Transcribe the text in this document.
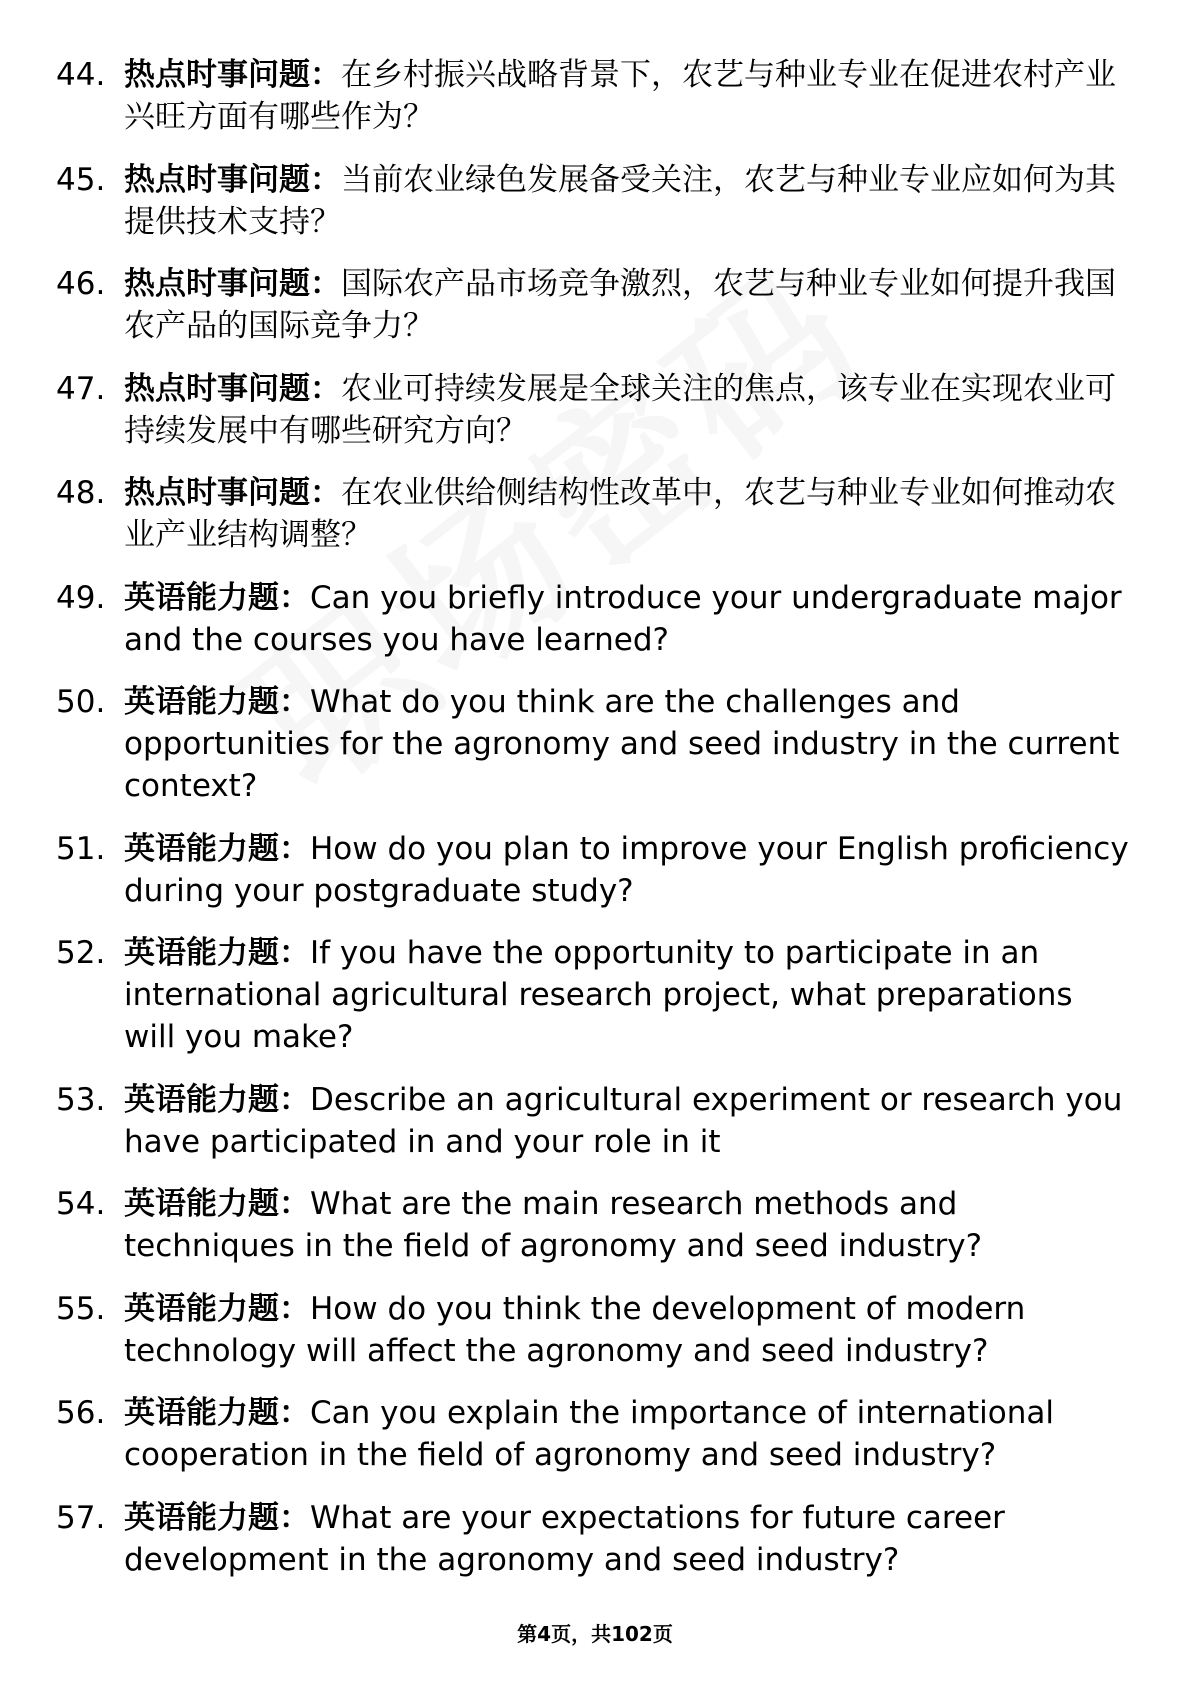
44. 热点时事问题：在乡村振兴战略背景下，农艺与种业专业在促进农村产业兴旺方面有哪些作为？
45. 热点时事问题：当前农业绿色发展备受关注，农艺与种业专业应如何为其提供技术支持？
46. 热点时事问题：国际农产品市场竞争激烈，农艺与种业专业如何提升我国农产品的国际竞争力？
47. 热点时事问题：农业可持续发展是全球关注的焦点，该专业在实现农业可持续发展中有哪些研究方向？
48. 热点时事问题：在农业供给侧结构性改革中，农艺与种业专业如何推动农业产业结构调整？
49. 英语能力题：Can you briefly introduce your undergraduate major and the courses you have learned?
50. 英语能力题：What do you think are the challenges and opportunities for the agronomy and seed industry in the current context?
51. 英语能力题：How do you plan to improve your English proficiency during your postgraduate study?
52. 英语能力题：If you have the opportunity to participate in an international agricultural research project, what preparations will you make?
53. 英语能力题：Describe an agricultural experiment or research you have participated in and your role in it
54. 英语能力题：What are the main research methods and techniques in the field of agronomy and seed industry?
55. 英语能力题：How do you think the development of modern technology will affect the agronomy and seed industry?
56. 英语能力题：Can you explain the importance of international cooperation in the field of agronomy and seed industry?
57. 英语能力题：What are your expectations for future career development in the agronomy and seed industry?
第4页，共102页
